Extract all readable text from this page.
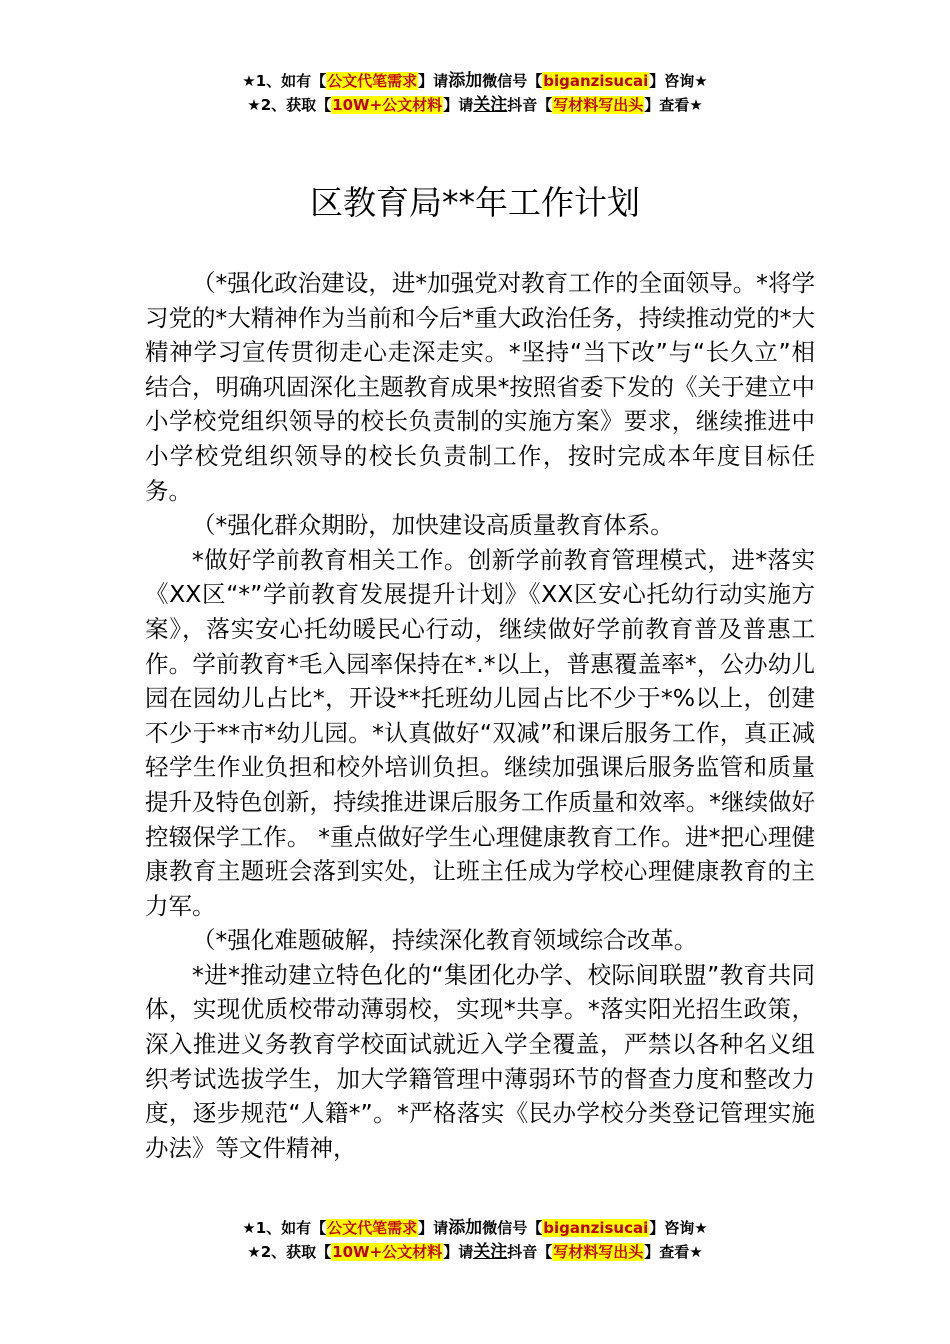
★1、如有【公文代笔需求】请添加微信号【biganzisucai】咨询★
★2、获取【10W+公文材料】请关注抖音【写材料写出头】查看★
区教育局**年工作计划

（*强化政治建设，进*加强党对教育工作的全面领导。*将学习党的*大精神作为当前和今后*重大政治任务，持续推动党的*大精神学习宣传贯彻走心走深走实。*坚持“当下改”与“长久立”相结合，明确巩固深化主题教育成果*按照省委下发的《关于建立中小学校党组织领导的校长负责制的实施方案》要求，继续推进中小学校党组织领导的校长负责制工作，按时完成本年度目标任务。

（*强化群众期盼，加快建设高质量教育体系。

*做好学前教育相关工作。创新学前教育管理模式，进*落实《XX区“*”学前教育发展提升计划》《XX区安心托幼行动实施方案》，落实安心托幼暖民心行动，继续做好学前教育普及普惠工作。学前教育*毛入园率保持在*.*以上，普惠覆盖率*，公办幼儿园在园幼儿占比*，开设**托班幼儿园占比不少于*%以上，创建不少于**市*幼儿园。*认真做好“双减”和课后服务工作，真正减轻学生作业负担和校外培训负担。继续加强课后服务监管和质量提升及特色创新，持续推进课后服务工作质量和效率。*继续做好控辍保学工作。 *重点做好学生心理健康教育工作。进*把心理健康教育主题班会落到实处，让班主任成为学校心理健康教育的主力军。

（*强化难题破解，持续深化教育领域综合改革。

*进*推动建立特色化的“集团化办学、校际间联盟”教育共同体，实现优质校带动薄弱校，实现*共享。*落实阳光招生政策，深入推进义务教育学校面试就近入学全覆盖，严禁以各种名义组织考试选拔学生，加大学籍管理中薄弱环节的督查力度和整改力度，逐步规范“人籍*”。*严格落实《民办学校分类登记管理实施办法》等文件精神，

★1、如有【公文代笔需求】请添加微信号【biganzisucai】咨询★
★2、获取【10W+公文材料】请关注抖音【写材料写出头】查看★
